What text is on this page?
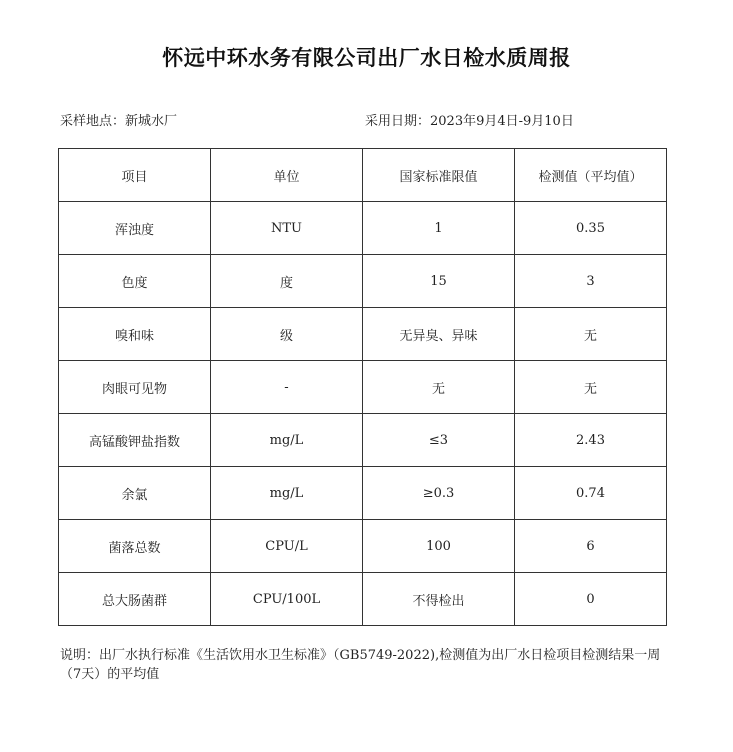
怀远中环水务有限公司出厂水日检水质周报
采样地点：新城水厂	采用日期：2023年9月4日-9月10日
项目	单位	国家标准限值	检测值（平均值）
浑浊度	NTU	1	0.35
色度	度	15	3
嗅和味	级	无异臭、异味	无
肉眼可见物	-	无	无
高锰酸钾盐指数	mg/L	≤3	2.43
余氯	mg/L	≥0.3	0.74
菌落总数	CPU/L	100	6
总大肠菌群	CPU/100L	不得检出	0
说明：出厂水执行标准《生活饮用水卫生标准》（GB5749-2022),检测值为出厂水日检项目检测结果一周（7天）的平均值
